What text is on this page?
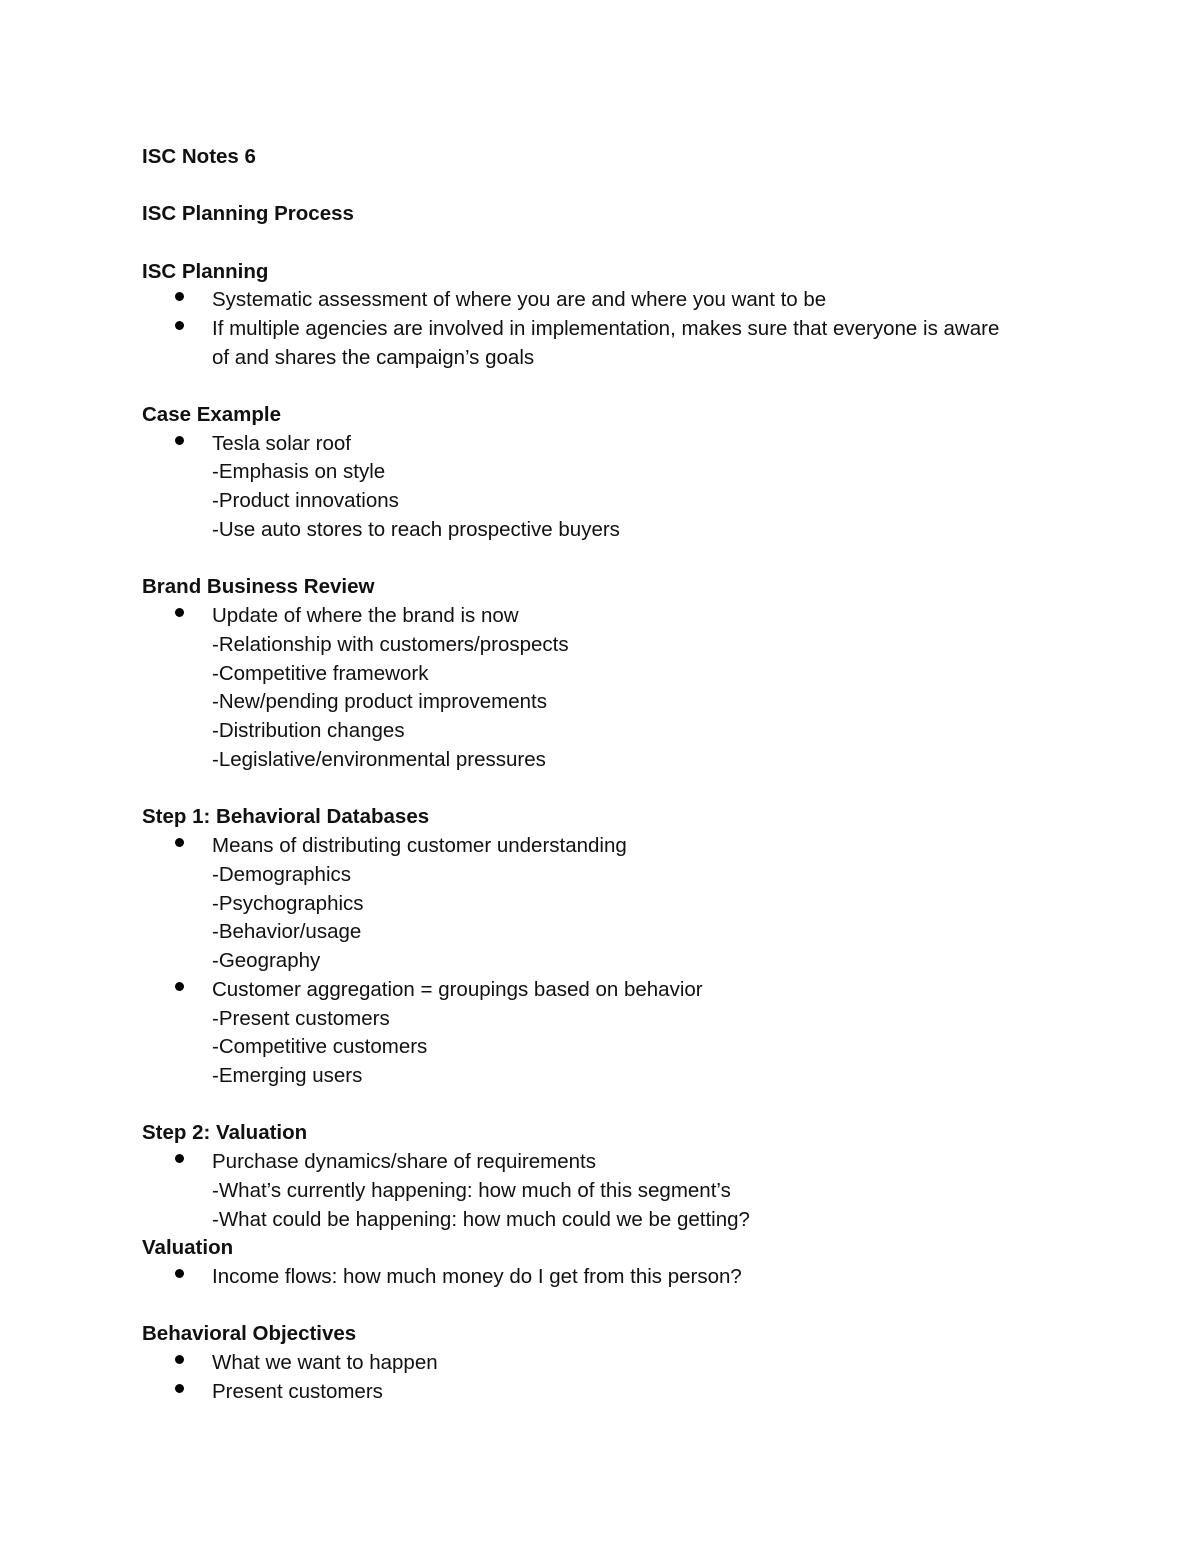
ISC Notes 6
ISC Planning Process
ISC Planning
Systematic assessment of where you are and where you want to be
If multiple agencies are involved in implementation, makes sure that everyone is aware
of and shares the campaign’s goals
Case Example
Tesla solar roof
-Emphasis on style
-Product innovations
-Use auto stores to reach prospective buyers
Brand Business Review
Update of where the brand is now
-Relationship with customers/prospects
-Competitive framework
-New/pending product improvements
-Distribution changes
-Legislative/environmental pressures
Step 1: Behavioral Databases
Means of distributing customer understanding
-Demographics
-Psychographics
-Behavior/usage
-Geography
Customer aggregation = groupings based on behavior
-Present customers
-Competitive customers
-Emerging users
Step 2: Valuation
Purchase dynamics/share of requirements
-What’s currently happening: how much of this segment’s
-What could be happening: how much could we be getting?
Valuation
Income flows: how much money do I get from this person?
Behavioral Objectives
What we want to happen
Present customers
